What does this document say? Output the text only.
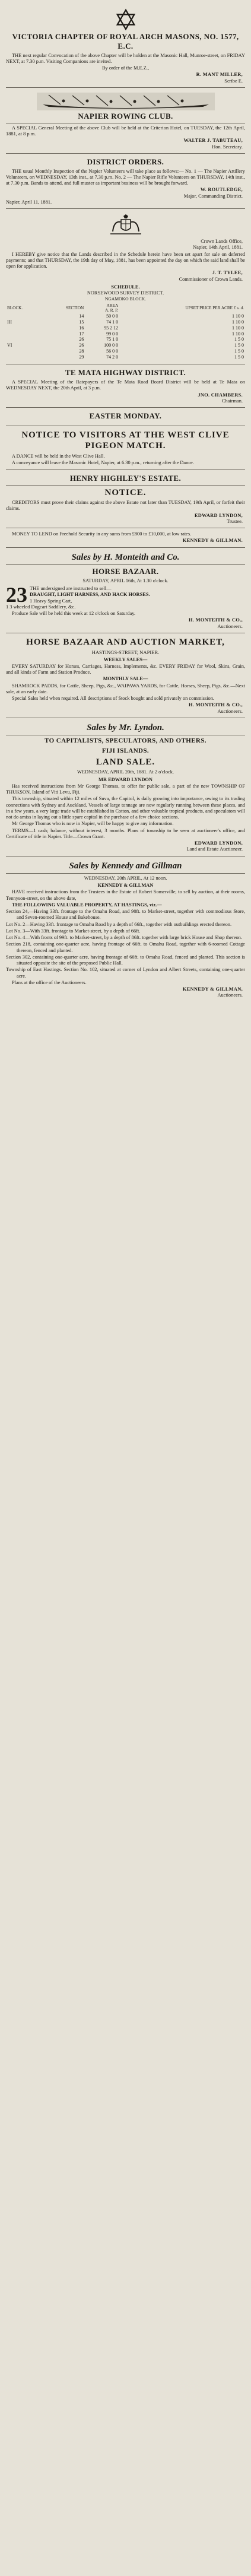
VICTORIA CHAPTER OF ROYAL ARCH MASONS, NO. 1577, E.C.

THE next regular Convocation of the above Chapter will be holden at the Masonic Hall, Munroe-street, on FRIDAY NEXT, at 7.30 p.m. Visiting Companions are invited.

By order of the M.E.Z.,
R. MANT MILLER,
Scribe E.
NAPIER ROWING CLUB.

A SPECIAL General Meeting of the above Club will be held at the Criterion Hotel, on TUESDAY, the 12th April, 1881, at 8 p.m.

WALTER J. TABUTEAU,
Hon. Secretary.
DISTRICT ORDERS.

THE usual Monthly Inspection of the Napier Volunteers will take place as follows:— No. 1 — The Napier Artillery Volunteers, on WEDNESDAY, 13th inst., at 7.30 p.m. No. 2 — The Napier Rifle Volunteers on THURSDAY, 14th inst., at 7.30 p.m. Bands to attend, and full muster as important business will be brought forward.

W. ROUTLEDGE,
Major, Commanding District.
Napier, April 11, 1881.
Crown Lands Office,
Napier, 14th April, 1881.

I HEREBY give notice that the Lands described in the Schedule herein have been set apart for sale on deferred payments; and that THURSDAY, the 19th day of May, 1881, has been appointed the day on which the said land shall be open for application.

J. T. TYLEE,
Commissioner of Crown Lands.
SCHEDULE.
NORSEWOOD SURVEY DISTRICT.
NGAMOKO BLOCK.
BLOCK.	SECTION	AREA
A. R. P.	UPSET PRICE PER ACRE £ s. d.
	14	50 0 0	1 10 0
III	15	74 1 0	1 10 0
	16	95 2 12	1 10 0
	17	99 0 0	1 10 0
	26	75 1 0	1 5 0
VI	26	100 0 0	1 5 0
	28	56 0 0	1 5 0
	29	74 2 0	1 5 0
TE MATA HIGHWAY DISTRICT.

A SPECIAL Meeting of the Ratepayers of the Te Mata Road Board District will be held at Te Mata on WEDNESDAY NEXT, the 20th April, at 3 p.m.

JNO. CHAMBERS.
Chairman.
EASTER MONDAY.
NOTICE TO VISITORS AT THE WEST CLIVE PIGEON MATCH.

A DANCE will be held in the West Clive Hall.

A conveyance will leave the Masonic Hotel, Napier, at 6.30 p.m., returning after the Dance.

HENRY HIGHLEY'S ESTATE.
NOTICE.

CREDITORS must prove their claims against the above Estate not later than TUESDAY, 19th April, or forfeit their claims.

EDWARD LYNDON,
Trustee.

MONEY TO LEND on Freehold Security in any sums from £800 to £10,000, at low rates.

KENNEDY & GILLMAN.
Sales by H. Monteith and Co.
HORSE BAZAAR.
SATURDAY, APRIL 16th, At 1.30 o'clock.
23 THE undersigned are instructed to sell—
DRAUGHT, LIGHT HARNESS, AND HACK HORSES.
1 Heavy Spring Cart,
1 3 wheeled Dogcart Saddlery, &c.

Produce Sale will be held this week at 12 o'clock on Saturday.

H. MONTEITH & CO.,
Auctioneers.
HORSE BAZAAR AND AUCTION MARKET,
HASTINGS-STREET, NAPIER.
WEEKLY SALES—

EVERY SATURDAY for Horses, Carriages, Harness, Implements, &c. EVERY FRIDAY for Wool, Skins, Grain, and all kinds of Farm and Station Produce.

MONTHLY SALE—

SHAMROCK PADDS, for Cattle, Sheep, Pigs, &c., WAIPAWA YARDS, for Cattle, Horses, Sheep, Pigs, &c.—Next sale, at an early date.

Special Sales held when required. All descriptions of Stock bought and sold privately on commission.

H. MONTEITH & CO.,
Auctioneers.
Sales by Mr. Lyndon.
TO CAPITALISTS, SPECULATORS, AND OTHERS.
FIJI ISLANDS.
LAND SALE.
WEDNESDAY, APRIL 20th, 1881. At 2 o'clock.
MR EDWARD LYNDON

Has received instructions from Mr George Thomas, to offer for public sale, a part of the new TOWNSHIP OF THUKSON, Island of Viti Levu, Fiji.

This township, situated within 12 miles of Suva, the Capitol, is daily growing into importance, owing to its trading connections with Sydney and Auckland. Vessels of large tonnage are now regularly running between these places, and in a few years, a very large trade will be established in Cotton, and other valuable tropical products, and speculators will not do amiss in laying out a little spare capital in the purchase of a few choice sections.

Mr George Thomas who is now in Napier, will be happy to give any information.

TERMS—1 cash; balance, without interest, 3 months. Plans of township to be seen at auctioneer's office, and Certificate of title in Napier. Title—Crown Grant.

EDWARD LYNDON,
Land and Estate Auctioneer.
Sales by Kennedy and Gillman
WEDNESDAY, 20th APRIL, At 12 noon.
KENNEDY & GILLMAN

HAVE received instructions from the Trustees in the Estate of Robert Somerville, to sell by auction, at their rooms, Tennyson-street, on the above date,

THE FOLLOWING VALUABLE PROPERTY, AT HASTINGS, viz.—

Section 24,—Having 33ft. frontage to the Omahu Road, and 90ft. to Market-street, together with commodious Store, and Seven-roomed House and Bakehouse.

Lot No. 2—Having 33ft. frontage to Omahu Road by a depth of 66ft., together with outbuildings erected thereon.

Lot No. 3—With 33ft. frontage to Market-street, by a depth of 66ft.

Lot No. 4—With fronts of 99ft. to Market-street, by a depth of 86ft. together with large brick House and Shop thereon.

Section 218, containing one-quarter acre, having frontage of 66ft. to Omahu Road, together with 6-roomed Cottage thereon, fenced and planted.

Section 302, containing one-quarter acre, having frontage of 66ft. to Omahu Road, fenced and planted. This section is situated opposite the site of the proposed Public Hall.

Township of East Hastings. Section No. 102, situated at corner of Lyndon and Albert Streets, containing one-quarter acre.

Plans at the office of the Auctioneers.

KENNEDY & GILLMAN,
Auctioneers.
